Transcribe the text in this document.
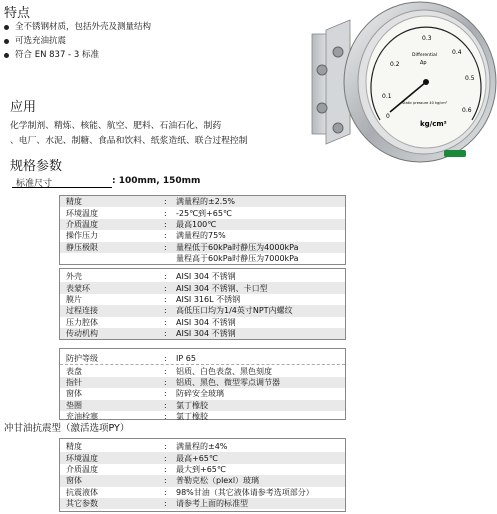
特点
全不锈钢材质，包括外壳及测量结构
可选充油抗震
符合 EN 837 - 3 标准
应用
化学制剂、精炼、核能、航空、肥料、石油石化、制药
、电厂、水泥、制糖、食品和饮料、纸浆造纸、联合过程控制
规格参数
标准尺寸	: 100mm, 150mm
精度	:	满量程的±2.5%
环境温度	:	-25℃到+65℃
介质温度	:	最高100℃
操作压力	:	满量程的75%
静压极限	:	量程低于60kPa时静压为4000kPa
量程高于60kPa时静压为7000kPa
外壳	:	AISI 304 不锈钢
表蒙环	:	AISI 304 不锈钢、卡口型
膜片	:	AISI 316L 不锈钢
过程连接	:	高低压口均为1/4英寸NPT内螺纹
压力腔体	:	AISI 304 不锈钢
传动机构	:	AISI 304 不锈钢
防护等级	:	IP 65
表盘	:	铝质、白色表盘、黑色刻度
指针	:	铝质、黑色、微型零点调节器
窗体	:	防碎安全玻璃
垫圈	:	氯丁橡胶
充油栓塞	:	氯丁橡胶
冲甘油抗震型（激活选项PY）
精度	:	满量程的±4%
环境温度	:	最高+65℃
介质温度	:	最大到+65℃
窗体	:	普勒克松（plexl）玻璃
抗震液体	:	98%甘油（其它液体请参考选项部分）
其它参数	:	请参考上面的标准型
0
0.1
0.2
0.3
0.4
0.5
0.6
Differential
Δp
Static pressure 40 kg/cm²
kg/cm²
